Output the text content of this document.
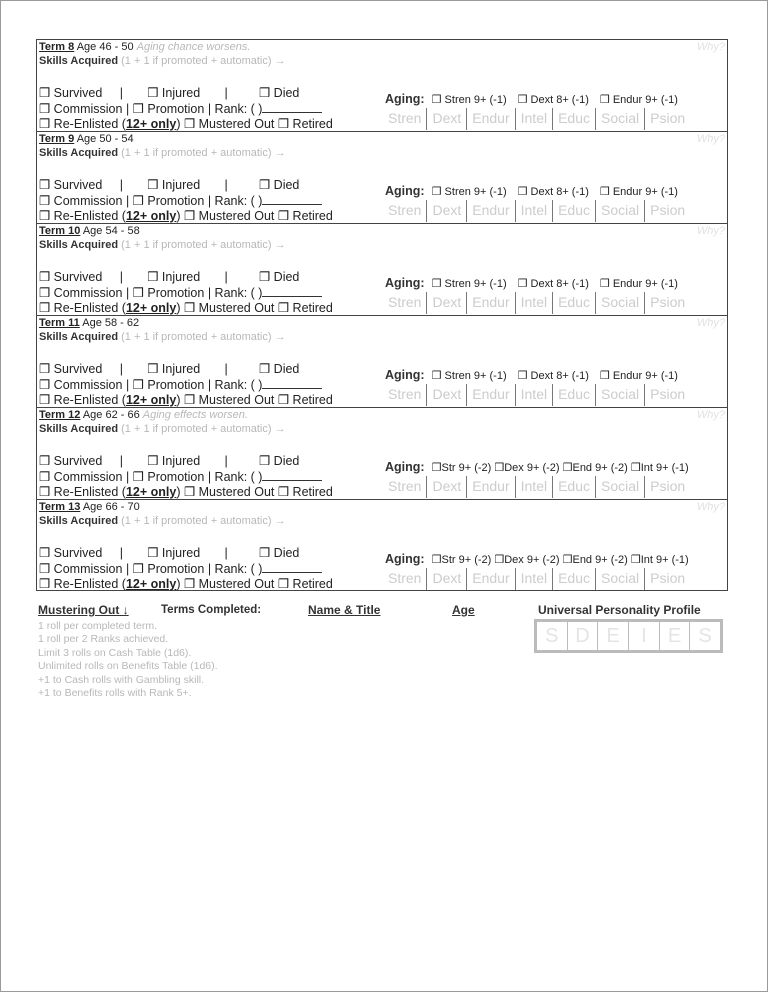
Term 8 Age 46 - 50 Aging chance worsens.	Why?
Skills Acquired (1 + 1 if promoted + automatic) →
❒ Survived | ❒ Injured |	❒ Died
❒ Commission | ❒ Promotion | Rank: ( )
❒ Re-Enlisted (12+ only) ❒ Mustered Out ❒ Retired
Aging: ❒ Stren 9+ (-1) ❒ Dext 8+ (-1) ❒ Endur 9+ (-1)
Stren Dext Endur Intel Educ Social Psion
Term 9 Age 50 - 54	Why?
Skills Acquired (1 + 1 if promoted + automatic) →
❒ Survived | ❒ Injured |	❒ Died
❒ Commission | ❒ Promotion | Rank: ( )
❒ Re-Enlisted (12+ only) ❒ Mustered Out ❒ Retired
Aging: ❒ Stren 9+ (-1) ❒ Dext 8+ (-1) ❒ Endur 9+ (-1)
Stren Dext Endur Intel Educ Social Psion
Term 10 Age 54 - 58	Why?
Skills Acquired (1 + 1 if promoted + automatic) →
❒ Survived | ❒ Injured |	❒ Died
❒ Commission | ❒ Promotion | Rank: ( )
❒ Re-Enlisted (12+ only) ❒ Mustered Out ❒ Retired
Aging: ❒ Stren 9+ (-1) ❒ Dext 8+ (-1) ❒ Endur 9+ (-1)
Stren Dext Endur Intel Educ Social Psion
Term 11 Age 58 - 62	Why?
Skills Acquired (1 + 1 if promoted + automatic) →
❒ Survived | ❒ Injured |	❒ Died
❒ Commission | ❒ Promotion | Rank: ( )
❒ Re-Enlisted (12+ only) ❒ Mustered Out ❒ Retired
Aging: ❒ Stren 9+ (-1) ❒ Dext 8+ (-1) ❒ Endur 9+ (-1)
Stren Dext Endur Intel Educ Social Psion
Term 12 Age 62 - 66 Aging effects worsen.	Why?
Skills Acquired (1 + 1 if promoted + automatic) →
❒ Survived | ❒ Injured |	❒ Died
❒ Commission | ❒ Promotion | Rank: ( )
❒ Re-Enlisted (12+ only) ❒ Mustered Out ❒ Retired
Aging: ❒Str 9+ (-2) ❒Dex 9+ (-2) ❒End 9+ (-2) ❒Int 9+ (-1)
Stren Dext Endur Intel Educ Social Psion
Term 13 Age 66 - 70	Why?
Skills Acquired (1 + 1 if promoted + automatic) →
❒ Survived | ❒ Injured |	❒ Died
❒ Commission | ❒ Promotion | Rank: ( )
❒ Re-Enlisted (12+ only) ❒ Mustered Out ❒ Retired
Aging: ❒Str 9+ (-2) ❒Dex 9+ (-2) ❒End 9+ (-2) ❒Int 9+ (-1)
Stren Dext Endur Intel Educ Social Psion
Mustering Out ↓	Terms Completed:	Name & Title	Age	Universal Personality Profile
1 roll per completed term.
1 roll per 2 Ranks achieved.
Limit 3 rolls on Cash Table (1d6).
Unlimited rolls on Benefits Table (1d6).
+1 to Cash rolls with Gambling skill.
+1 to Benefits rolls with Rank 5+.
S D E	I	E S
